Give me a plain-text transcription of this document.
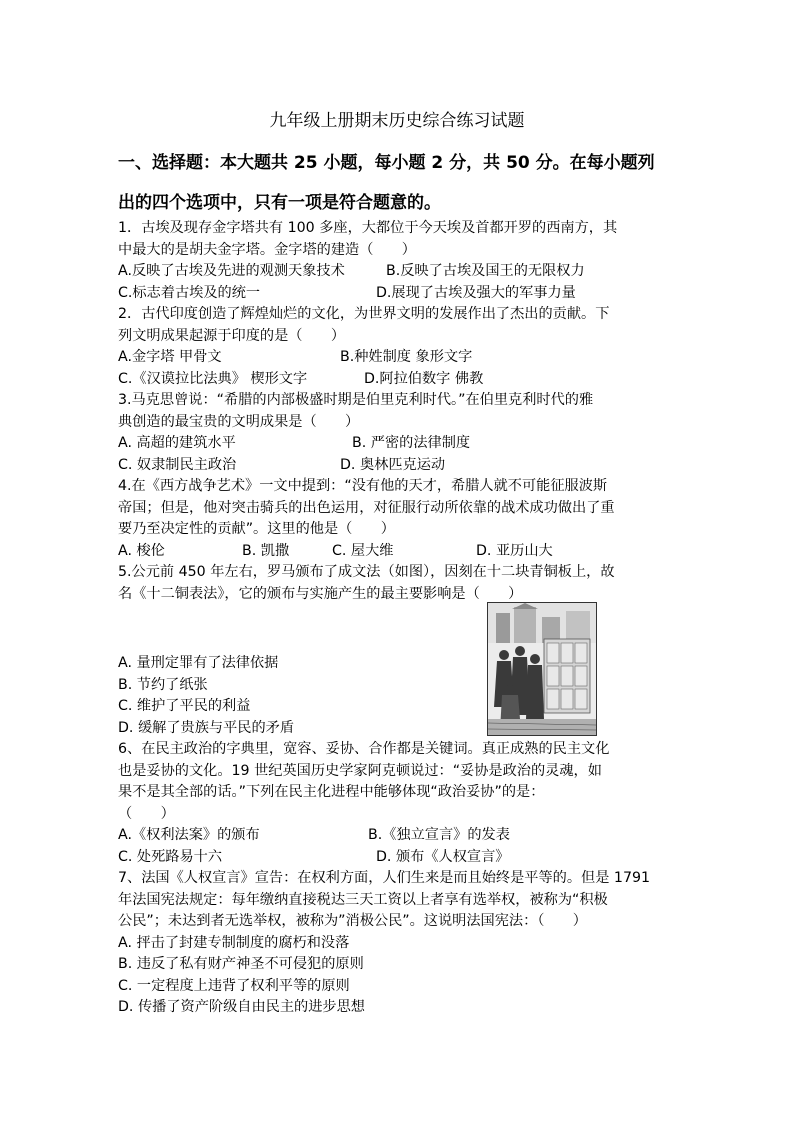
九年级上册期末历史综合练习试题
一、选择题：本大题共 25 小题，每小题 2 分，共 50 分。在每小题列
出的四个选项中，只有一项是符合题意的。
1．古埃及现存金字塔共有 100 多座，大都位于今天埃及首都开罗的西南方，其
中最大的是胡夫金字塔。金字塔的建造（　　）
A.反映了古埃及先进的观测天象技术	B.反映了古埃及国王的无限权力
C.标志着古埃及的统一	D.展现了古埃及强大的军事力量
2．古代印度创造了辉煌灿烂的文化，为世界文明的发展作出了杰出的贡献。下
列文明成果起源于印度的是（　　）
A.金字塔 甲骨文	B.种姓制度 象形文字
C.《汉谟拉比法典》 楔形文字	D.阿拉伯数字 佛教
3.马克思曾说：“希腊的内部极盛时期是伯里克利时代。”在伯里克利时代的雅
典创造的最宝贵的文明成果是（　　）
A. 高超的建筑水平	B. 严密的法律制度
C. 奴隶制民主政治	D. 奥林匹克运动
4.在《西方战争艺术》一文中提到：“没有他的天才，希腊人就不可能征服波斯
帝国；但是，他对突击骑兵的出色运用，对征服行动所依靠的战术成功做出了重
要乃至决定性的贡献”。这里的他是（　　）
A. 梭伦	B. 凯撒	C. 屋大维	D. 亚历山大
5.公元前 450 年左右，罗马颁布了成文法（如图），因刻在十二块青铜板上，故
名《十二铜表法》，它的颁布与实施产生的最主要影响是（　　）
A. 量刑定罪有了法律依据
B. 节约了纸张
C. 维护了平民的利益
D. 缓解了贵族与平民的矛盾
6、在民主政治的字典里，宽容、妥协、合作都是关键词。真正成熟的民主文化
也是妥协的文化。19 世纪英国历史学家阿克顿说过：“妥协是政治的灵魂，如
果不是其全部的话。”下列在民主化进程中能够体现“政治妥协”的是：
（　　）
A.《权利法案》的颁布	B.《独立宣言》的发表
C. 处死路易十六	D. 颁布《人权宣言》
7、法国《人权宣言》宣告：在权利方面，人们生来是而且始终是平等的。但是 1791
年法国宪法规定：每年缴纳直接税达三天工资以上者享有选举权，被称为“积极
公民”；未达到者无选举权，被称为”消极公民”。这说明法国宪法：（　　）
A. 抨击了封建专制制度的腐朽和没落
B. 违反了私有财产神圣不可侵犯的原则
C. 一定程度上违背了权利平等的原则
D. 传播了资产阶级自由民主的进步思想
